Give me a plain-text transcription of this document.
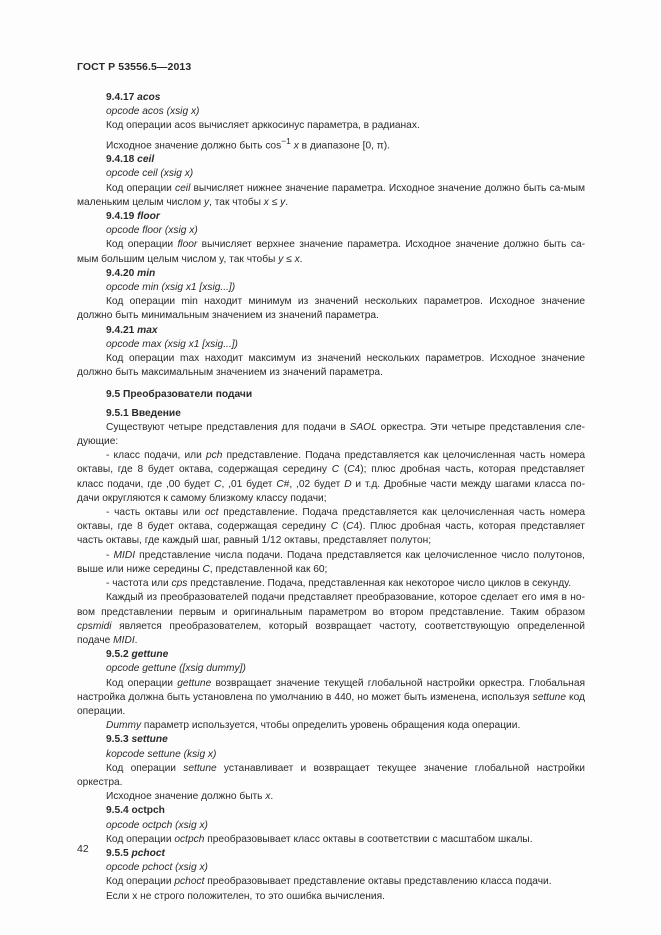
ГОСТ Р 53556.5—2013

9.4.17 acos

opcode acos (xsig x)

Код операции acos вычисляет арккосинус параметра, в радианах.

Исходное значение должно быть $\cos^{-1} x$ в диапазоне [0, π).

9.4.18 ceil

opcode ceil (xsig x)

Код операции ceil вычисляет нижнее значение параметра. Исходное значение должно быть са-мым маленьким целым числом y, так чтобы x ≤ y.

9.4.19 floor

opcode floor (xsig x)

Код операции floor вычисляет верхнее значение параметра. Исходное значение должно быть са-мым большим целым числом y, так чтобы y ≤ x.

9.4.20 min

opcode min (xsig x1 [xsig...])

Код операции min находит минимум из значений нескольких параметров. Исходное значение должно быть минимальным значением из значений параметра.

9.4.21 max

opcode max (xsig x1 [xsig...])

Код операции max находит максимум из значений нескольких параметров. Исходное значение должно быть максимальным значением из значений параметра.

9.5 Преобразователи подачи

9.5.1 Введение

Существуют четыре представления для подачи в SAOL оркестра. Эти четыре представления сле-дующие:

- класс подачи, или pch представление. Подача представляется как целочисленная часть номера октавы, где 8 будет октава, содержащая середину C (C4); плюс дробная часть, которая представляет класс подачи, где ,00 будет C, ,01 будет C#, ,02 будет D и т.д. Дробные части между шагами класса по-дачи округляются к самому близкому классу подачи;

- часть октавы или oct представление. Подача представляется как целочисленная часть номера октавы, где 8 будет октава, содержащая середину C (C4). Плюс дробная часть, которая представляет часть октавы, где каждый шаг, равный 1/12 октавы, представляет полутон;

- MIDI представление числа подачи. Подача представляется как целочисленное число полутонов, выше или ниже середины C, представленной как 60;

- частота или cps представление. Подача, представленная как некоторое число циклов в секунду.

Каждый из преобразователей подачи представляет преобразование, которое сделает его имя в но-вом представлении первым и оригинальным параметром во втором представление. Таким образом cpsmidi является преобразователем, который возвращает частоту, соответствующую определенной подаче MIDI.

9.5.2 gettune

opcode gettune ([xsig dummy])

Код операции gettune возвращает значение текущей глобальной настройки оркестра. Глобальная настройка должна быть установлена по умолчанию в 440, но может быть изменена, используя settune код операции.

Dummy параметр используется, чтобы определить уровень обращения кода операции.

9.5.3 settune

kopcode settune (ksig x)

Код операции settune устанавливает и возвращает текущее значение глобальной настройки оркестра.

Исходное значение должно быть x.

9.5.4 octpch

opcode octpch (xsig x)

Код операции octpch преобразовывает класс октавы в соответствии с масштабом шкалы.

9.5.5 pchoct

opcode pchoct (xsig x)

Код операции pchoct преобразовывает представление октавы представлению класса подачи.

Если x не строго положителен, то это ошибка вычисления.

42
